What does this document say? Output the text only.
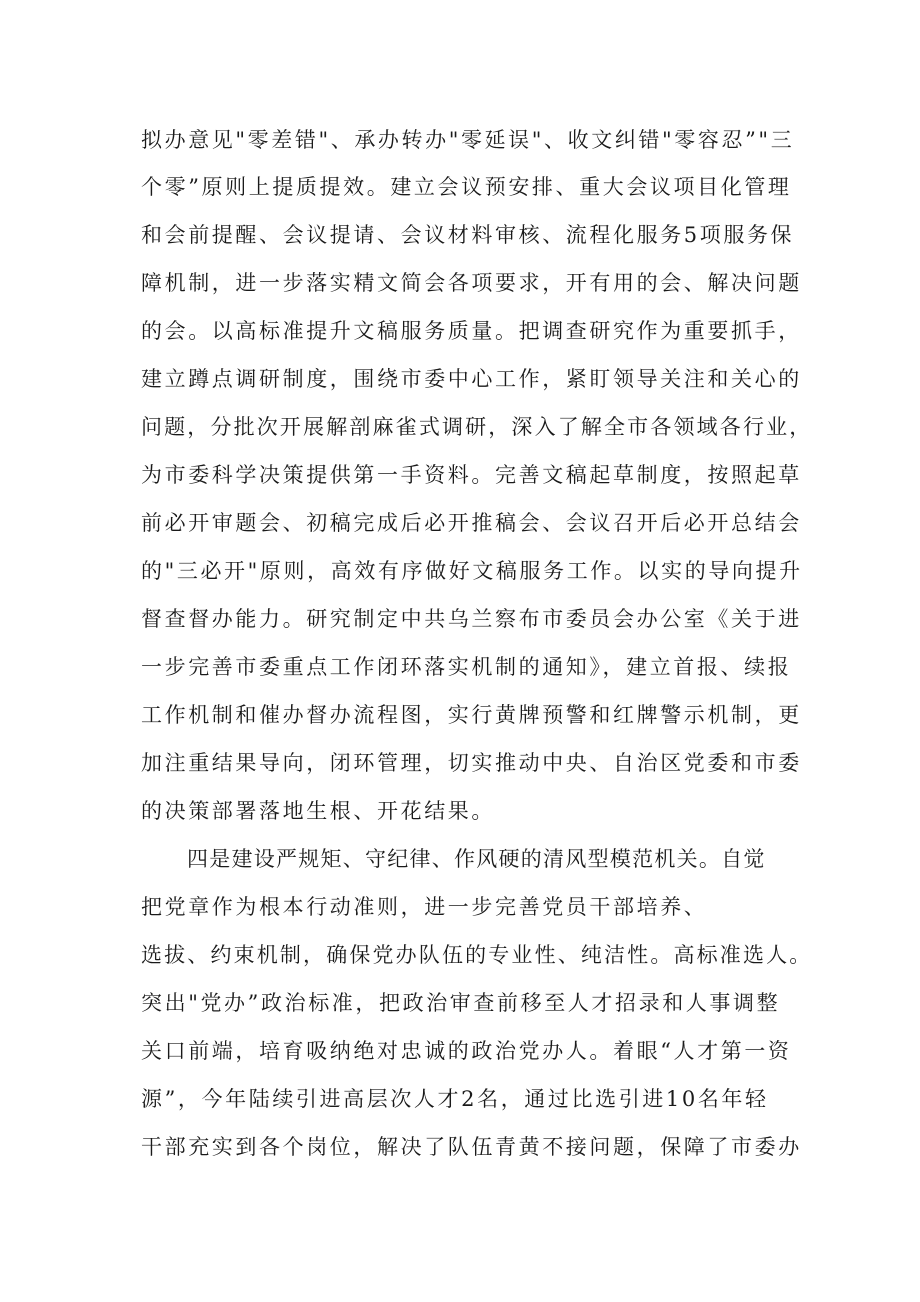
拟办意见"零差错"、承办转办"零延误"、收文纠错"零容忍”"三
个零”原则上提质提效。建立会议预安排、重大会议项目化管理
和会前提醒、会议提请、会议材料审核、流程化服务5项服务保
障机制，进一步落实精文简会各项要求，开有用的会、解决问题
的会。以高标准提升文稿服务质量。把调查研究作为重要抓手，
建立蹲点调研制度，围绕市委中心工作，紧盯领导关注和关心的
问题，分批次开展解剖麻雀式调研，深入了解全市各领域各行业，
为市委科学决策提供第一手资料。完善文稿起草制度，按照起草
前必开审题会、初稿完成后必开推稿会、会议召开后必开总结会
的"三必开"原则，高效有序做好文稿服务工作。以实的导向提升
督查督办能力。研究制定中共乌兰察布市委员会办公室《关于进
一步完善市委重点工作闭环落实机制的通知》，建立首报、续报
工作机制和催办督办流程图，实行黄牌预警和红牌警示机制，更
加注重结果导向，闭环管理，切实推动中央、自治区党委和市委
的决策部署落地生根、开花结果。
四是建设严规矩、守纪律、作风硬的清风型模范机关。自觉
把党章作为根本行动准则，进一步完善党员干部培养、
选拔、约束机制，确保党办队伍的专业性、纯洁性。高标准选人。
突出"党办”政治标准，把政治审查前移至人才招录和人事调整
关口前端，培育吸纳绝对忠诚的政治党办人。着眼“人才第一资
源”，今年陆续引进高层次人才2名，通过比选引进10名年轻
干部充实到各个岗位，解决了队伍青黄不接问题，保障了市委办
